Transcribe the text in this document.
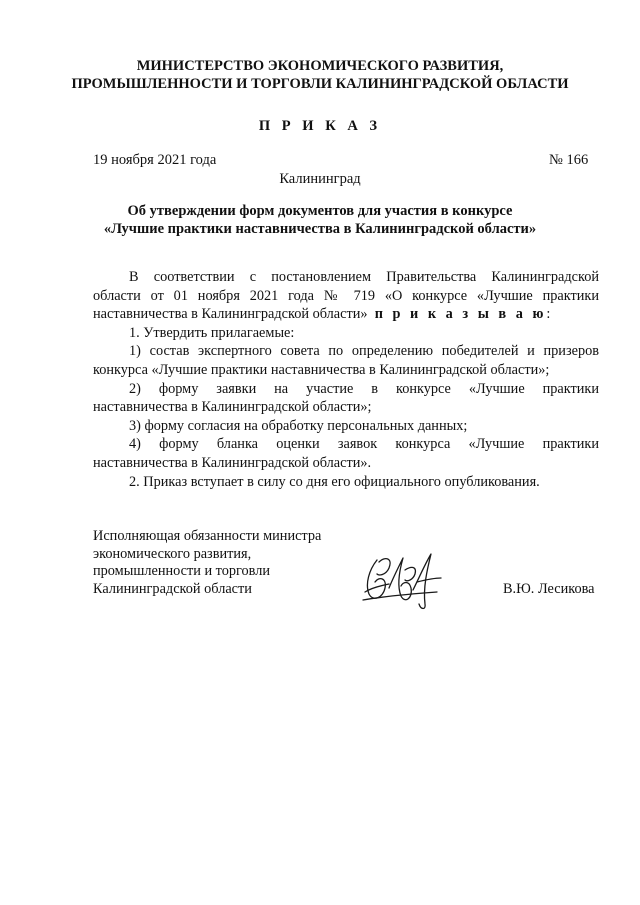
МИНИСТЕРСТВО ЭКОНОМИЧЕСКОГО РАЗВИТИЯ,
ПРОМЫШЛЕННОСТИ И ТОРГОВЛИ КАЛИНИНГРАДСКОЙ ОБЛАСТИ
П Р И К А З
19 ноября 2021 года	№ 166
Калининград
Об утверждении форм документов для участия в конкурсе
«Лучшие практики наставничества в Калининградской области»

В соответствии с постановлением Правительства Калининградской

области от 01 ноября 2021 года № 719 «О конкурсе «Лучшие практики

наставничества в Калининградской области» п р и к а з ы в а ю:

1. Утвердить прилагаемые:

1) состав экспертного совета по определению победителей и призеров

конкурса «Лучшие практики наставничества в Калининградской области»;

2) форму заявки на участие в конкурсе «Лучшие практики

наставничества в Калининградской области»;

3) форму согласия на обработку персональных данных;

4) форму бланка оценки заявок конкурса «Лучшие практики

наставничества в Калининградской области».

2. Приказ вступает в силу со дня его официального опубликования.

Исполняющая обязанности министра
экономического развития,
промышленности и торговли
Калининградской области	В.Ю. Лесикова
